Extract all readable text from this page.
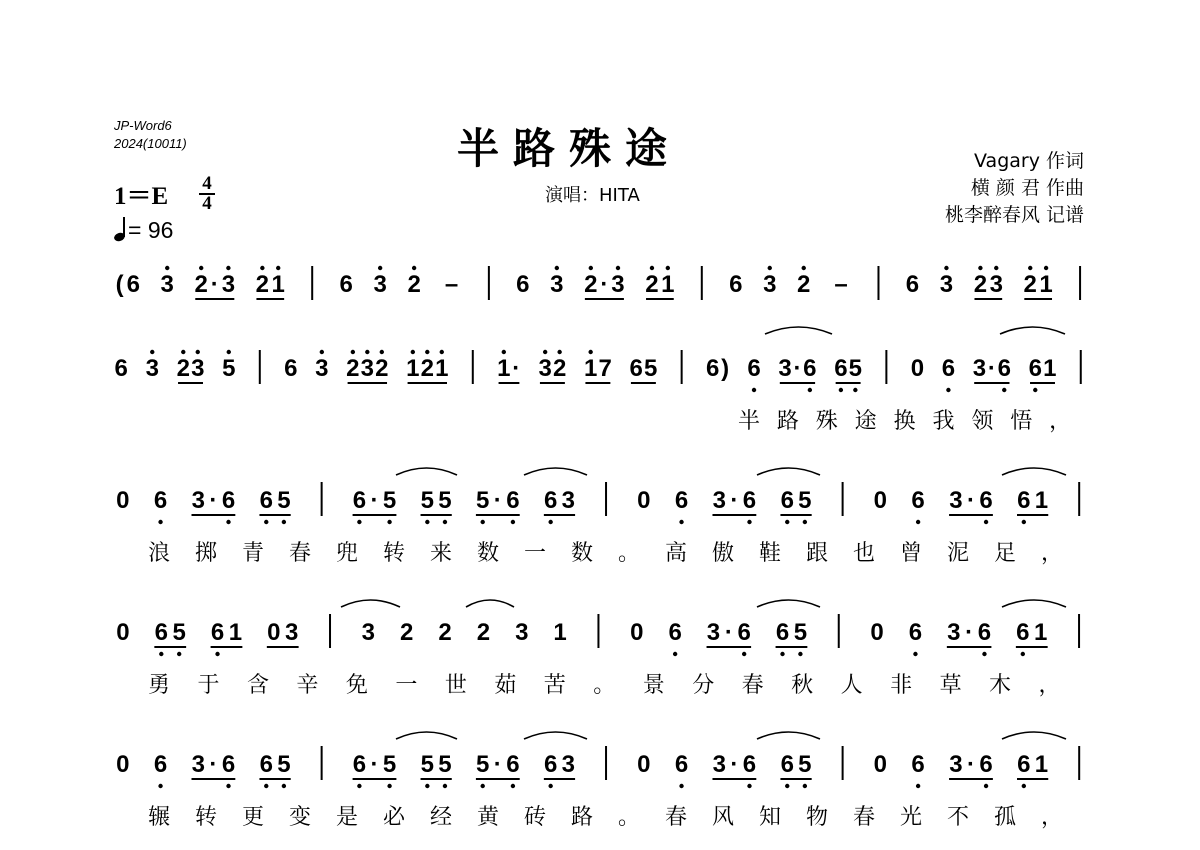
JP-Word6
2024(10011)	半路殊途
演唱：HITA
1＝E 4
4
= 96
Vagary 作词
横 颜 君 作曲
桃李醉春风 记谱
( 6 3 2 · 3 2 1 6 3 2 – 6 3 2 · 3 2 1 6 3 2 – 6 3 2 3 2 1
6 3 2 3 5 6 3 2 3 2 1 2 1 1 · 3 2 1 7 6 5 6 ) 6 3 · 6 6 5 0 6 3 · 6 6 1
0 6 3 · 6 6 5	6 · 5 5 5 5 · 6 6 3	0 6 3 · 6 6 5	0 6 3 · 6 6 1
0 6 5 6 1 0 3	3 2 2 2 3 1	0 6 3 · 6 6 5	0 6 3 · 6 6 1
0 6 3 · 6 6 5	6 · 5 5 5 5 · 6 6 3	0 6 3 · 6 6 5	0 6 3 · 6 6 1
半 路 殊 途 换 我 领 悟 ，
浪 掷 青 春 兜 转 来 数 一 数 。 高 傲 鞋 跟 也 曾 泥 足 ，
勇 于 含 辛 免 一 世 茹 苦 。 景 分 春 秋 人 非 草 木 ，
辗 转 更 变 是 必 经 黄 砖 路 。 春 风 知 物 春 光 不 孤 ，
